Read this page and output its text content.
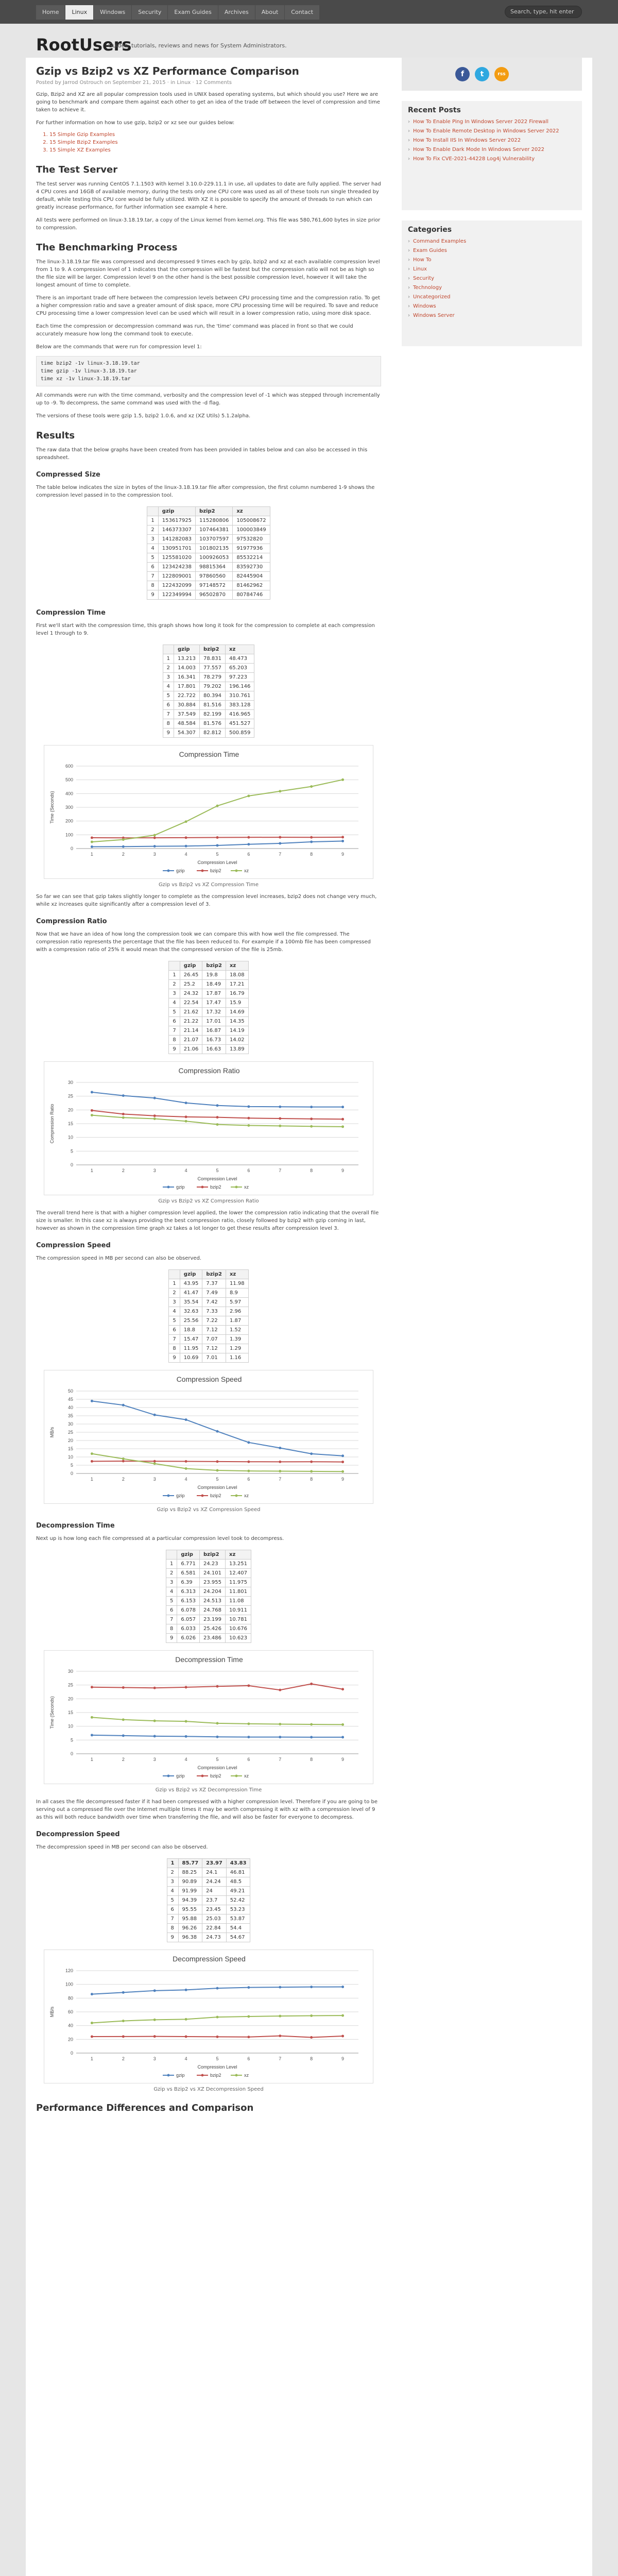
Home	Linux	Windows	Security	Exam Guides	Archives	About	Contact	Search, type, hit enter
RootUsers
Guides, tutorials, reviews and news for System Administrators.
Gzip vs Bzip2 vs XZ Performance Comparison
Posted by Jarrod Ostrouch on September 21, 2015 · in Linux · 12 Comments

Gzip, Bzip2 and XZ are all popular compression tools used in UNIX based operating systems, but which should you use? Here we are going to benchmark and compare them against each other to get an idea of the trade off between the level of compression and time taken to achieve it.

For further information on how to use gzip, bzip2 or xz see our guides below:

1. 15 Simple Gzip Examples
2. 15 Simple Bzip2 Examples
3. 15 Simple XZ Examples
The Test Server

The test server was running CentOS 7.1.1503 with kernel 3.10.0-229.11.1 in use, all updates to date are fully applied. The server had 4 CPU cores and 16GB of available memory, during the tests only one CPU core was used as all of these tools run single threaded by default, while testing this CPU core would be fully utilized. With XZ it is possible to specify the amount of threads to run which can greatly increase performance, for further information see example 4 here.

All tests were performed on linux-3.18.19.tar, a copy of the Linux kernel from kernel.org. This file was 580,761,600 bytes in size prior to compression.

The Benchmarking Process

The linux-3.18.19.tar file was compressed and decompressed 9 times each by gzip, bzip2 and xz at each available compression level from 1 to 9. A compression level of 1 indicates that the compression will be fastest but the compression ratio will not be as high so the file size will be larger. Compression level 9 on the other hand is the best possible compression level, however it will take the longest amount of time to complete.

There is an important trade off here between the compression levels between CPU processing time and the compression ratio. To get a higher compression ratio and save a greater amount of disk space, more CPU processing time will be required. To save and reduce CPU processing time a lower compression level can be used which will result in a lower compression ratio, using more disk space.

Each time the compression or decompression command was run, the 'time' command was placed in front so that we could accurately measure how long the command took to execute.

Below are the commands that were run for compression level 1:

time bzip2 -1v linux-3.18.19.tar
time gzip -1v linux-3.18.19.tar
time xz -1v linux-3.18.19.tar

All commands were run with the time command, verbosity and the compression level of -1 which was stepped through incrementally up to -9. To decompress, the same command was used with the -d flag.

The versions of these tools were gzip 1.5, bzip2 1.0.6, and xz (XZ Utils) 5.1.2alpha.

Results

The raw data that the below graphs have been created from has been provided in tables below and can also be accessed in this spreadsheet.

Compressed Size

The table below indicates the size in bytes of the linux-3.18.19.tar file after compression, the first column numbered 1-9 shows the compression level passed in to the compression tool.

	gzip	bzip2	xz
1	153617925	115280806	105008672
2	146373307	107464381	100003849
3	141282083	103707597	97532820
4	130951701	101802135	91977936
5	125581020	100926053	85532214
6	123424238	98815364	83592730
7	122809001	97860560	82445904
8	122432099	97148572	81462962
9	122349994	96502870	80784746
Compression Time

First we'll start with the compression time, this graph shows how long it took for the compression to complete at each compression level 1 through to 9.

	gzip	bzip2	xz
1	13.213	78.831	48.473
2	14.003	77.557	65.203
3	16.341	78.279	97.223
4	17.801	79.202	196.146
5	22.722	80.394	310.761
6	30.884	81.516	383.128
7	37.549	82.199	416.965
8	48.584	81.576	451.527
9	54.307	82.812	500.859
Compression Time
0
100
200
300
400
500
600
1	2	3	4	5	6	7	8	9
Compression Level
Time (Seconds)
gzip	bzip2	xz
Gzip vs Bzip2 vs XZ Compression Time

So far we can see that gzip takes slightly longer to complete as the compression level increases, bzip2 does not change very much, while xz increases quite significantly after a compression level of 3.

Compression Ratio

Now that we have an idea of how long the compression took we can compare this with how well the file compressed. The compression ratio represents the percentage that the file has been reduced to. For example if a 100mb file has been compressed with a compression ratio of 25% it would mean that the compressed version of the file is 25mb.

	gzip	bzip2	xz
1	26.45	19.8	18.08
2	25.2	18.49	17.21
3	24.32	17.87	16.79
4	22.54	17.47	15.9
5	21.62	17.32	14.69
6	21.22	17.01	14.35
7	21.14	16.87	14.19
8	21.07	16.73	14.02
9	21.06	16.63	13.89
Compression Ratio
0
5
10
15
20
25
30
1	2	3	4	5	6	7	8	9
Compression Level
Compression Ratio
gzip	bzip2	xz
Gzip vs Bzip2 vs XZ Compression Ratio

The overall trend here is that with a higher compression level applied, the lower the compression ratio indicating that the overall file size is smaller. In this case xz is always providing the best compression ratio, closely followed by bzip2 with gzip coming in last, however as shown in the compression time graph xz takes a lot longer to get these results after compression level 3.

Compression Speed

The compression speed in MB per second can also be observed.

	gzip	bzip2	xz
1	43.95	7.37	11.98
2	41.47	7.49	8.9
3	35.54	7.42	5.97
4	32.63	7.33	2.96
5	25.56	7.22	1.87
6	18.8	7.12	1.52
7	15.47	7.07	1.39
8	11.95	7.12	1.29
9	10.69	7.01	1.16
Compression Speed
0
5
10
15
20
25
30
35
40
45
50
1	2	3	4	5	6	7	8	9
Compression Level
MB/s
gzip	bzip2	xz
Gzip vs Bzip2 vs XZ Compression Speed
Decompression Time

Next up is how long each file compressed at a particular compression level took to decompress.

	gzip	bzip2	xz
1	6.771	24.23	13.251
2	6.581	24.101	12.407
3	6.39	23.955	11.975
4	6.313	24.204	11.801
5	6.153	24.513	11.08
6	6.078	24.768	10.911
7	6.057	23.199	10.781
8	6.033	25.426	10.676
9	6.026	23.486	10.623
Decompression Time
0
5
10
15
20
25
30
1	2	3	4	5	6	7	8	9
Compression Level
Time (Seconds)
gzip	bzip2	xz
Gzip vs Bzip2 vs XZ Decompression Time

In all cases the file decompressed faster if it had been compressed with a higher compression level. Therefore if you are going to be serving out a compressed file over the Internet multiple times it may be worth compressing it with xz with a compression level of 9 as this will both reduce bandwidth over time when transferring the file, and will also be faster for everyone to decompress.

Decompression Speed

The decompression speed in MB per second can also be observed.

1	85.77	23.97	43.83
2	88.25	24.1	46.81
3	90.89	24.24	48.5
4	91.99	24	49.21
5	94.39	23.7	52.42
6	95.55	23.45	53.23
7	95.88	25.03	53.87
8	96.26	22.84	54.4
9	96.38	24.73	54.67
Decompression Speed
0
20
40
60
80
100
120
1	2	3	4	5	6	7	8	9
Compression Level
MB/s
gzip	bzip2	xz
Gzip vs Bzip2 vs XZ Decompression Speed
Performance Differences and Comparison
f	t	rss
Recent Posts
› How To Enable Ping In Windows Server 2022 Firewall
› How To Enable Remote Desktop in Windows Server 2022
› How To Install IIS In Windows Server 2022
› How To Enable Dark Mode In Windows Server 2022
› How To Fix CVE-2021-44228 Log4j Vulnerability
Categories
› Command Examples
› Exam Guides
› How To
› Linux
› Security
› Technology
› Uncategorized
› Windows
› Windows Server
